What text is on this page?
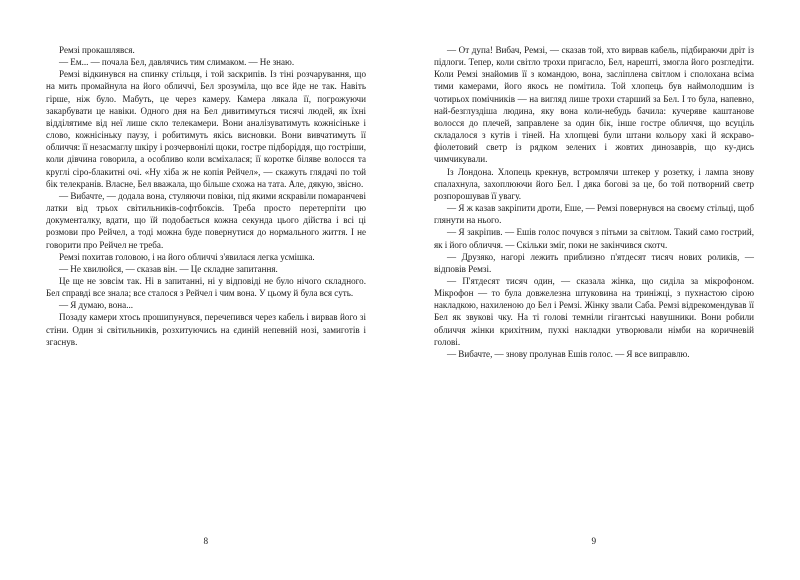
Ремзі прокашлявся.

— Ем... — почала Бел, давлячись тим слимаком. — Не знаю.

Ремзі відкинувся на спинку стільця, і той заскрипів. Із тіні розчарування, що на мить промайнула на його обличчі, Бел зрозуміла, що все йде не так. Навіть гірше, ніж було. Мабуть, це через камеру. Камера лякала її, погрожуючи закарбувати це навіки. Одного дня на Бел дивитимуться тисячі людей, як їхні відділятиме від неї лише скло телекамери. Вони аналізуватимуть кожнісіньке і слово, кожнісіньку паузу, і робитимуть якісь висновки. Вони вивчатимуть її обличчя: її незасмаглу шкіру і розчервонілі щоки, гостре підборіддя, що гостріши, коли дівчина говорила, а особливо коли всміхалася; її коротке біляве волосся та круглі сіро-блакитні очі. «Ну хіба ж не копія Рейчел», — скажуть глядачі по той бік телекранів. Власне, Бел вважала, що більше схожа на тата. Але, дякую, звісно.

— Вибачте, — додала вона, стуляючи повіки, під якими яскравіли помаранчеві латки від трьох світильників-софтбоксів. Треба просто перетерпіти цю документалку, вдати, що їй подобається кожна секунда цього дійства і всі ці розмови про Рейчел, а тоді можна буде повернутися до нормального життя. І не говорити про Рейчел не треба.

Ремзі похитав головою, і на його обличчі з'явилася легка усмішка.

— Не хвилюйся, — сказав він. — Це складне запитання.

Це ще не зовсім так. Ні в запитанні, ні у відповіді не було нічого складного. Бел справді все знала; все сталося з Рейчел і чим вона. У цьому й була вся суть.

— Я думаю, вона...

Позаду камери хтось прошипунувся, перечепився через кабель і вирвав його зі стіни. Один зі світильників, розхитуючись на єдиній непевній нозі, замиготів і згаснув.

8

— От дупа! Вибач, Ремзі, — сказав той, хто вирвав кабель, підбираючи дріт із підлоги. Тепер, коли світло трохи пригасло, Бел, нарешті, змогла його розгледіти. Коли Ремзі знайомив її з командою, вона, засліплена світлом і сполохана всіма тими камерами, його якось не помітила. Той хлопець був наймолодшим із чотирьох помічників — на вигляд лише трохи старший за Бел. І то була, напевно, най-безглуздіша людина, яку вона коли-небудь бачила: кучеряве каштанове волосся до плечей, заправлене за один бік, інше гостре обличчя, що всуціль складалося з кутів і тіней. На хлопцеві були штани кольору хакі й яскраво-фіолетовий светр із рядком зелених і жовтих динозаврів, що ку-дись чимчикували.

Із Лондона. Хлопець крекнув, встромлячи штекер у розетку, і лампа знову спалахнула, захоплюючи його Бел. І дяка богові за це, бо той потворний светр розпорошував її увагу.

— Я ж казав закріпити дроти, Еше, — Ремзі повернувся на своєму стільці, щоб глянути на нього.

— Я закріпив. — Ешів голос почувся з пітьми за світлом. Такий само гострий, як і його обличчя. — Скільки зміг, поки не закінчився скотч.

— Друзяко, нагорі лежить приблизно п'ятдесят тисяч нових роликів, — відповів Ремзі.

— П'ятдесят тисяч один, — сказала жінка, що сиділа за мікрофоном. Мікрофон — то була довжелезна штуковина на триніжці, з пухнастою сірою накладкою, нахиленою до Бел і Ремзі. Жінку звали Саба. Ремзі відрекомендував її Бел як звукові чку. На ті голові темніли гігантські навушники. Вони робили обличчя жінки крихітним, пухкі накладки утворювали німби на коричневій голові.

— Вибачте, — знову пролунав Ешів голос. — Я все виправлю.

9
